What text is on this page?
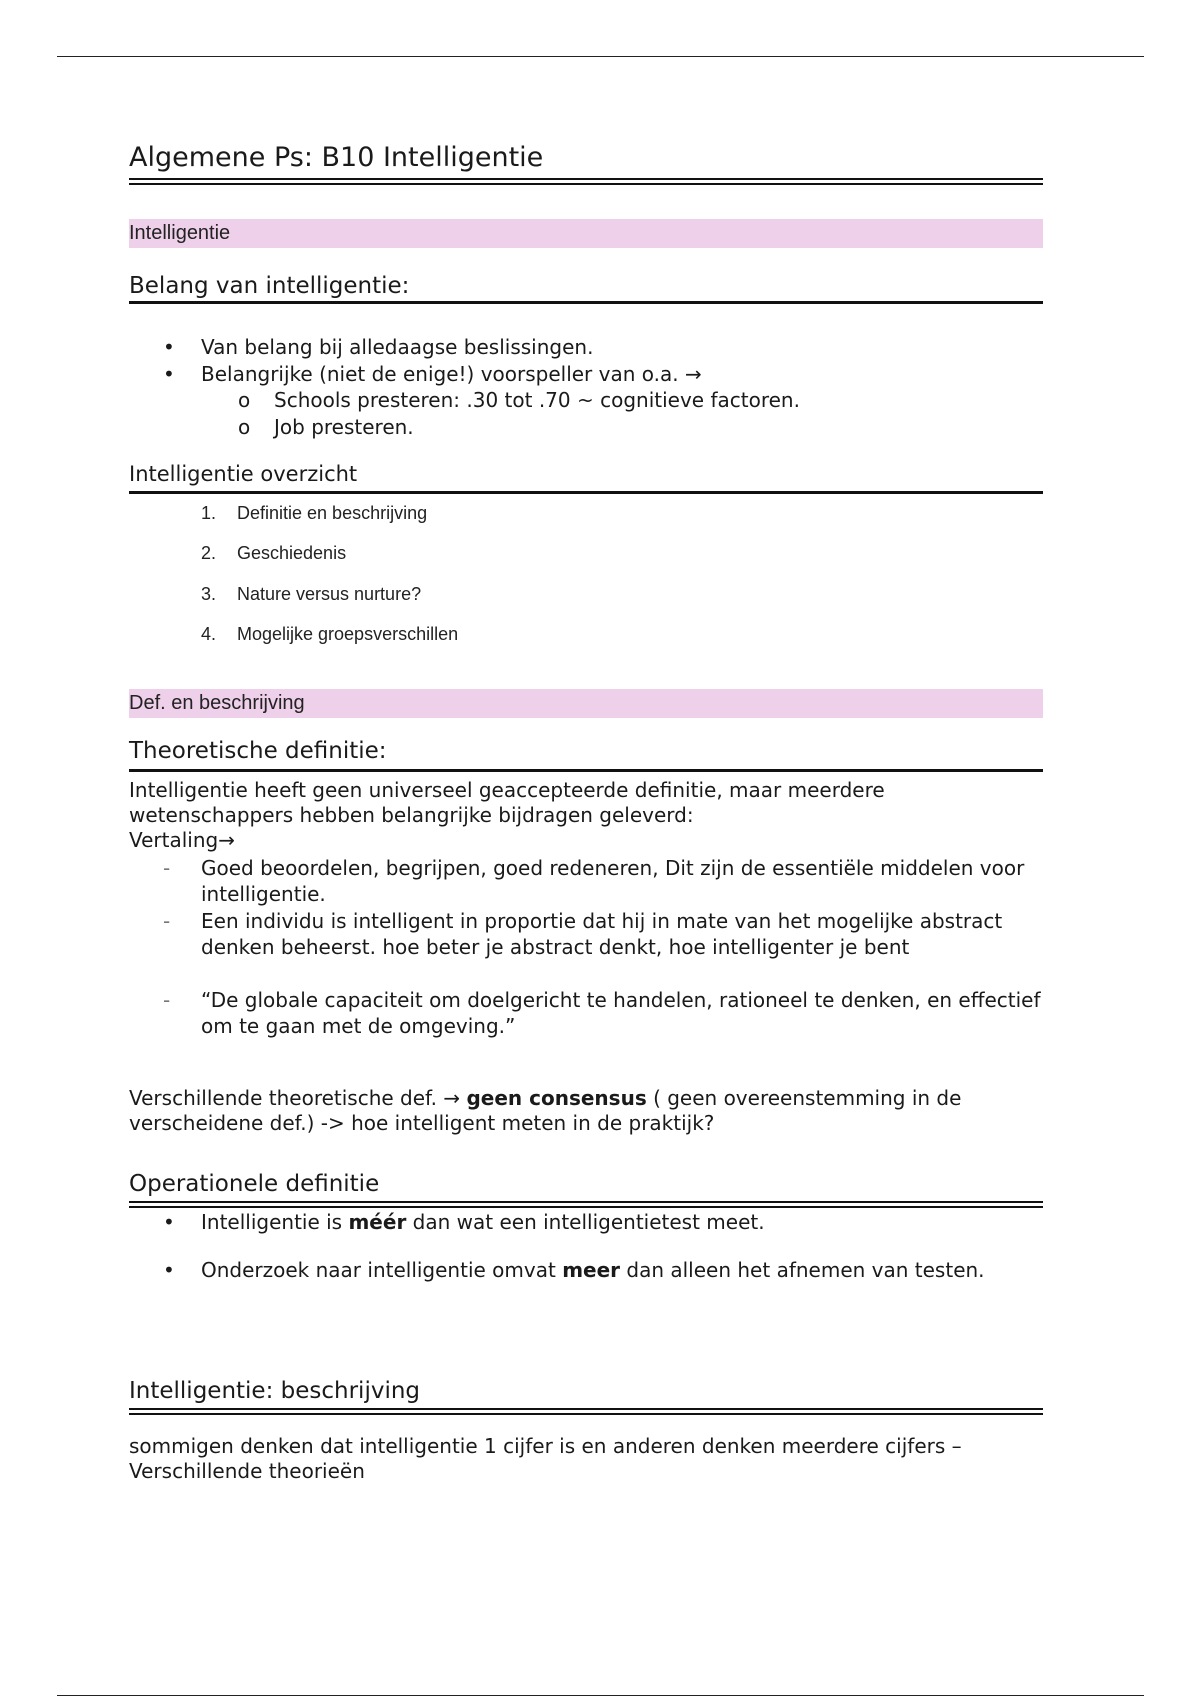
Algemene Ps: B10 Intelligentie
Intelligentie
Belang van intelligentie:
•	Van belang bij alledaagse beslissingen.
•	Belangrijke (niet de enige!) voorspeller van o.a. →
o	Schools presteren: .30 tot .70 ~ cognitieve factoren.
o	Job presteren.
Intelligentie overzicht
1. Definitie en beschrijving
2. Geschiedenis
3. Nature versus nurture?
4. Mogelijke groepsverschillen
Def. en beschrijving
Theoretische definitie:
Intelligentie heeft geen universeel geaccepteerde definitie, maar meerdere wetenschappers hebben belangrijke bijdragen geleverd:
Vertaling→
-	Goed beoordelen, begrijpen, goed redeneren, Dit zijn de essentiële middelen voor intelligentie.
-	Een individu is intelligent in proportie dat hij in mate van het mogelijke abstract denken beheerst. hoe beter je abstract denkt, hoe intelligenter je bent
-	“De globale capaciteit om doelgericht te handelen, rationeel te denken, en effectief om te gaan met de omgeving.”
Verschillende theoretische def. → geen consensus ( geen overeenstemming in de verscheidene def.) -> hoe intelligent meten in de praktijk?
Operationele definitie
•	Intelligentie is méér dan wat een intelligentietest meet.
•	Onderzoek naar intelligentie omvat meer dan alleen het afnemen van testen.
Intelligentie: beschrijving
sommigen denken dat intelligentie 1 cijfer is en anderen denken meerdere cijfers – Verschillende theorieën
